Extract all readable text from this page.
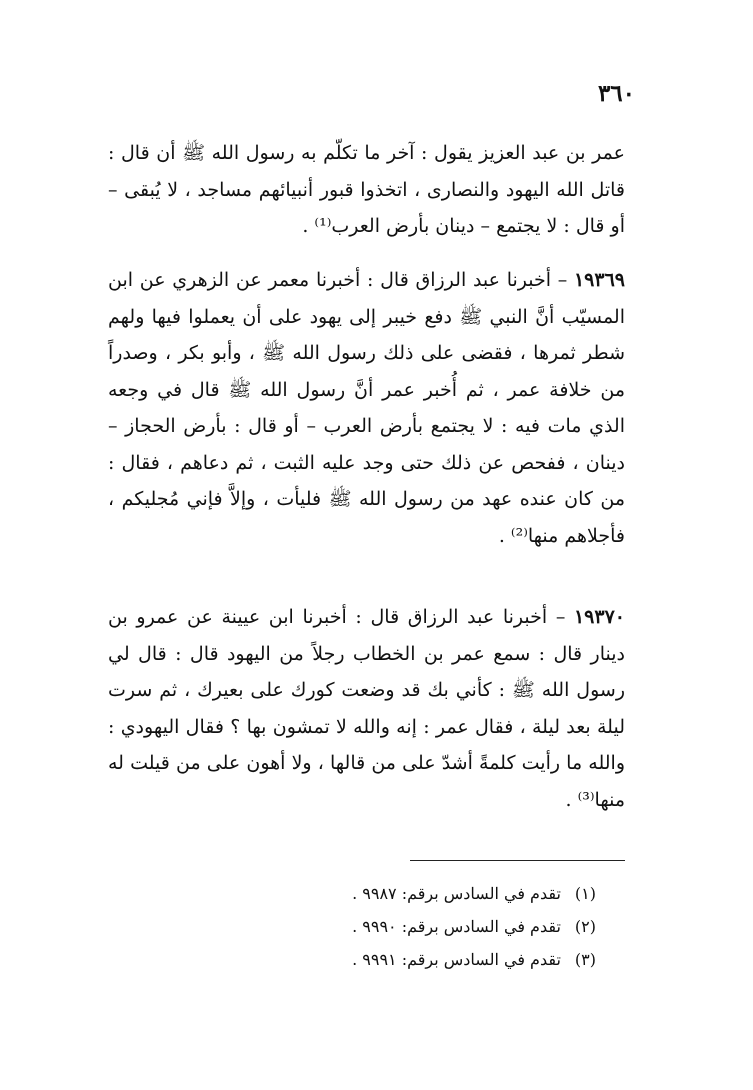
٣٦٠

عمر بن عبد العزيز يقول : آخر ما تكلّم به رسول الله ﷺ أن قال : قاتل الله اليهود والنصارى ، اتخذوا قبور أنبيائهم مساجد ، لا يُبقى – أو قال : لا يجتمع – دينان بأرض العرب⁽¹⁾ .

١٩٣٦٩ – أخبرنا عبد الرزاق قال : أخبرنا معمر عن الزهري عن ابن المسيّب أنَّ النبي ﷺ دفع خيبر إلى يهود على أن يعملوا فيها ولهم شطر ثمرها ، فقضى على ذلك رسول الله ﷺ ، وأبو بكر ، وصدراً من خلافة عمر ، ثم أُخبر عمر أنَّ رسول الله ﷺ قال في وجعه الذي مات فيه : لا يجتمع بأرض العرب – أو قال : بأرض الحجاز – دينان ، ففحص عن ذلك حتى وجد عليه الثبت ، ثم دعاهم ، فقال : من كان عنده عهد من رسول الله ﷺ فليأت ، وإلاَّ فإني مُجليكم ، فأجلاهم منها⁽²⁾ .

١٩٣٧٠ – أخبرنا عبد الرزاق قال : أخبرنا ابن عيينة عن عمرو بن دينار قال : سمع عمر بن الخطاب رجلاً من اليهود قال : قال لي رسول الله ﷺ : كأني بك قد وضعت كورك على بعيرك ، ثم سرت ليلة بعد ليلة ، فقال عمر : إنه والله لا تمشون بها ؟ فقال اليهودي : والله ما رأيت كلمةً أشدّ على من قالها ، ولا أهون على من قيلت له منها⁽³⁾ .

(١) تقدم في السادس برقم: ٩٩٨٧ .

(٢) تقدم في السادس برقم: ٩٩٩٠ .

(٣) تقدم في السادس برقم: ٩٩٩١ .
